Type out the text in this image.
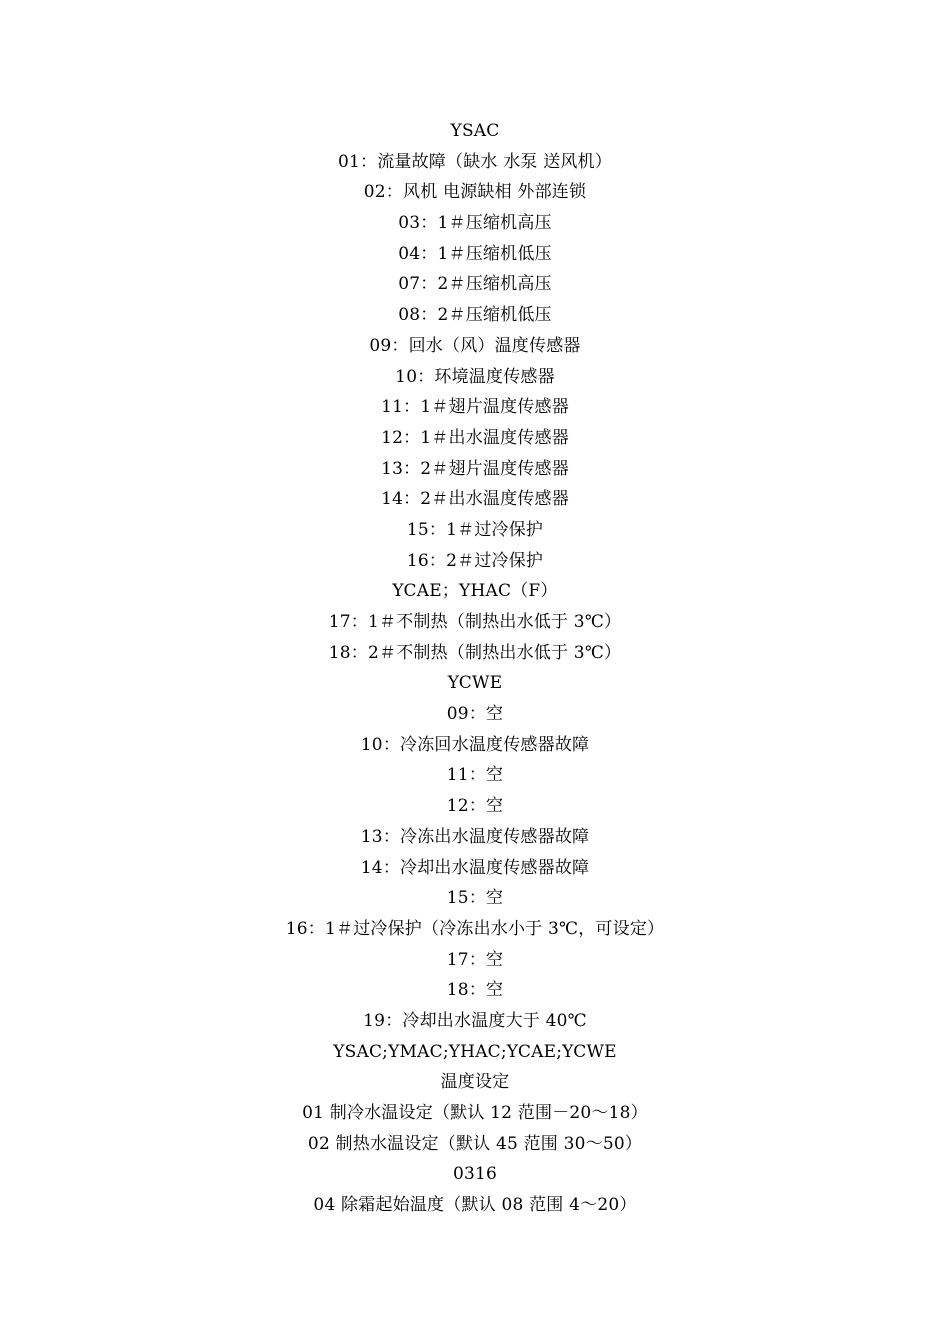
YSAC
01：流量故障（缺水 水泵 送风机）
02：风机 电源缺相 外部连锁
03：1＃压缩机高压
04：1＃压缩机低压
07：2＃压缩机高压
08：2＃压缩机低压
09：回水（风）温度传感器
10：环境温度传感器
11：1＃翅片温度传感器
12：1＃出水温度传感器
13：2＃翅片温度传感器
14：2＃出水温度传感器
15：1＃过冷保护
16：2＃过冷保护
YCAE；YHAC（F）
17：1＃不制热（制热出水低于 3℃）
18：2＃不制热（制热出水低于 3℃）
YCWE
09：空
10：冷冻回水温度传感器故障
11：空
12：空
13：冷冻出水温度传感器故障
14：冷却出水温度传感器故障
15：空
16：1＃过冷保护（冷冻出水小于 3℃，可设定）
17：空
18：空
19：冷却出水温度大于 40℃
YSAC;YMAC;YHAC;YCAE;YCWE
温度设定
01 制冷水温设定（默认 12 范围－20～18）
02 制热水温设定（默认 45 范围 30～50）
0316
04 除霜起始温度（默认 08 范围 4～20）
